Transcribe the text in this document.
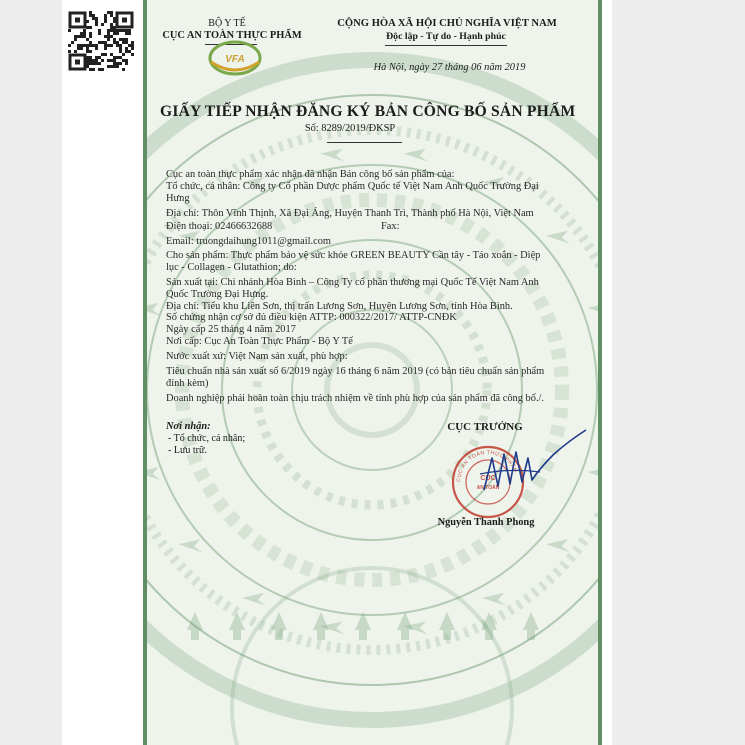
BỘ Y TẾ
CỤC AN TOÀN THỰC PHẨM
VFA
CỘNG HÒA XÃ HỘI CHỦ NGHĨA VIỆT NAM
Độc lập - Tự do - Hạnh phúc
Hà Nội, ngày 27 tháng 06 năm 2019
GIẤY TIẾP NHẬN ĐĂNG KÝ BẢN CÔNG BỐ SẢN PHẨM
Số: 8289/2019/ĐKSP
Cục an toàn thực phẩm xác nhận đã nhận Bản công bố sản phẩm của:
Tổ chức, cá nhân: Công ty Cổ phần Dược phẩm Quốc tế Việt Nam Anh Quốc Trường Đại
Hưng
Địa chỉ: Thôn Vĩnh Thịnh, Xã Đại Áng, Huyện Thanh Trì, Thành phố Hà Nội, Việt Nam
Điện thoại: 02466632688	Fax:
Email: truongdaihung1011@gmail.com
Cho sản phẩm: Thực phẩm bảo vệ sức khỏe GREEN BEAUTY Cần tây - Táo xoắn - Diệp
lục - Collagen - Glutathion; do:
Sản xuất tại: Chi nhánh Hòa Bình – Công Ty cổ phần thương mại Quốc Tế Việt Nam Anh
Quốc Trường Đại Hưng.
Địa chỉ: Tiểu khu Liên Sơn, thị trấn Lương Sơn, Huyện Lương Sơn, tỉnh Hòa Bình.
Số chứng nhận cơ sở đủ điều kiện ATTP: 000322/2017/ ATTP-CNĐK
Ngày cấp 25 tháng 4 năm 2017
Nơi cấp: Cục An Toàn Thực Phẩm - Bộ Y Tế
Nước xuất xứ: Việt Nam sản xuất, phù hợp:
Tiêu chuẩn nhà sản xuất số 6/2019 ngày 16 tháng 6 năm 2019 (có bản tiêu chuẩn sản phẩm
đính kèm)
Doanh nghiệp phải hoàn toàn chịu trách nhiệm về tính phù hợp của sản phẩm đã công bố./.
Nơi nhận:
- Tổ chức, cá nhân;
- Lưu trữ.
CỤC TRƯỞNG
CỤC AN TOÀN THỰC PHẨM
CỤC
AN TOÀN
Nguyễn Thanh Phong
